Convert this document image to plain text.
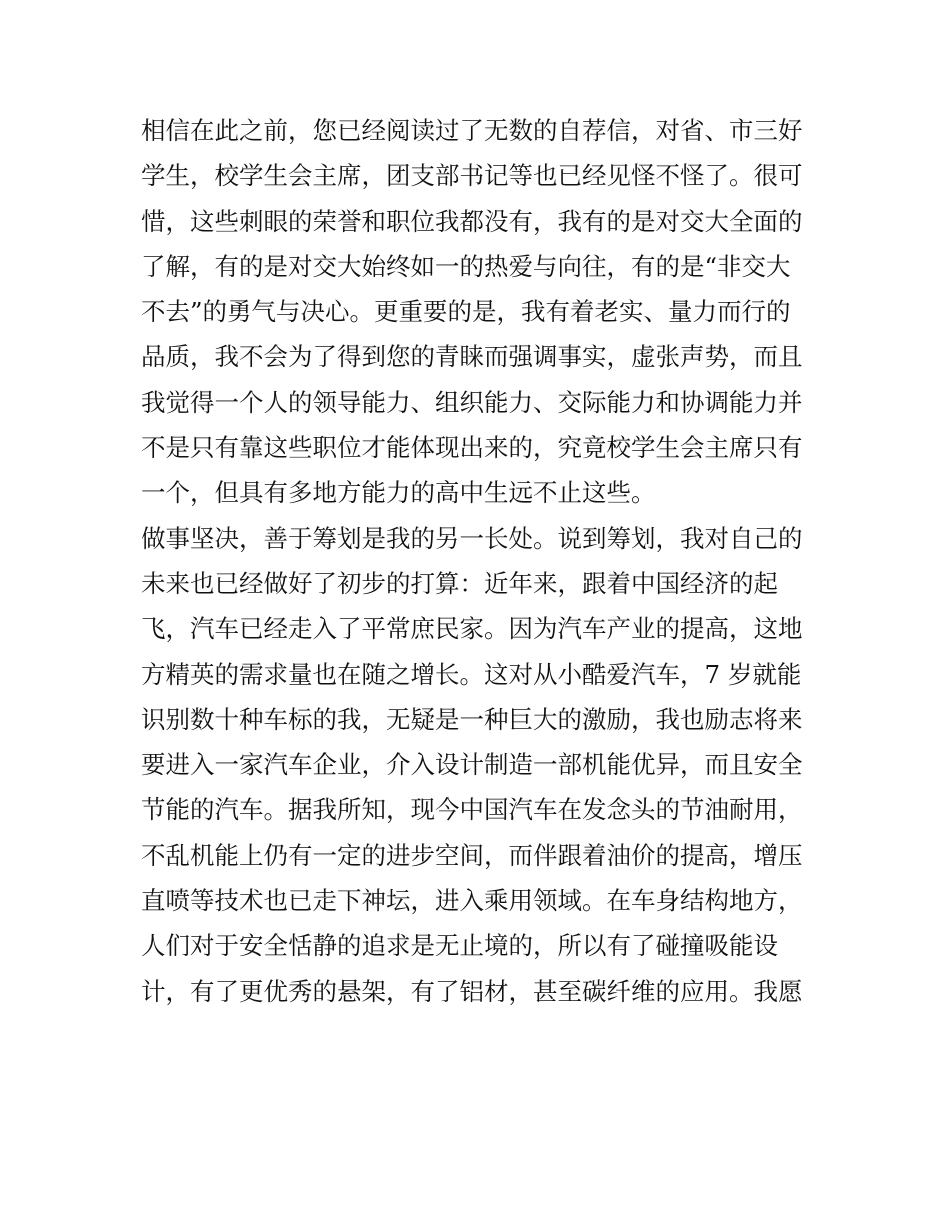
相信在此之前，您已经阅读过了无数的自荐信，对省、市三好
学生，校学生会主席，团支部书记等也已经见怪不怪了。很可
惜，这些刺眼的荣誉和职位我都没有，我有的是对交大全面的
了解，有的是对交大始终如一的热爱与向往，有的是“非交大
不去”的勇气与决心。更重要的是，我有着老实、量力而行的
品质，我不会为了得到您的青睐而强调事实，虚张声势，而且
我觉得一个人的领导能力、组织能力、交际能力和协调能力并
不是只有靠这些职位才能体现出来的，究竟校学生会主席只有
一个，但具有多地方能力的高中生远不止这些。
做事坚决，善于筹划是我的另一长处。说到筹划，我对自己的
未来也已经做好了初步的打算：近年来，跟着中国经济的起
飞，汽车已经走入了平常庶民家。因为汽车产业的提高，这地
方精英的需求量也在随之增长。这对从小酷爱汽车，7 岁就能
识别数十种车标的我，无疑是一种巨大的激励，我也励志将来
要进入一家汽车企业，介入设计制造一部机能优异，而且安全
节能的汽车。据我所知，现今中国汽车在发念头的节油耐用，
不乱机能上仍有一定的进步空间，而伴跟着油价的提高，增压
直喷等技术也已走下神坛，进入乘用领域。在车身结构地方，
人们对于安全恬静的追求是无止境的，所以有了碰撞吸能设
计，有了更优秀的悬架，有了铝材，甚至碳纤维的应用。我愿
